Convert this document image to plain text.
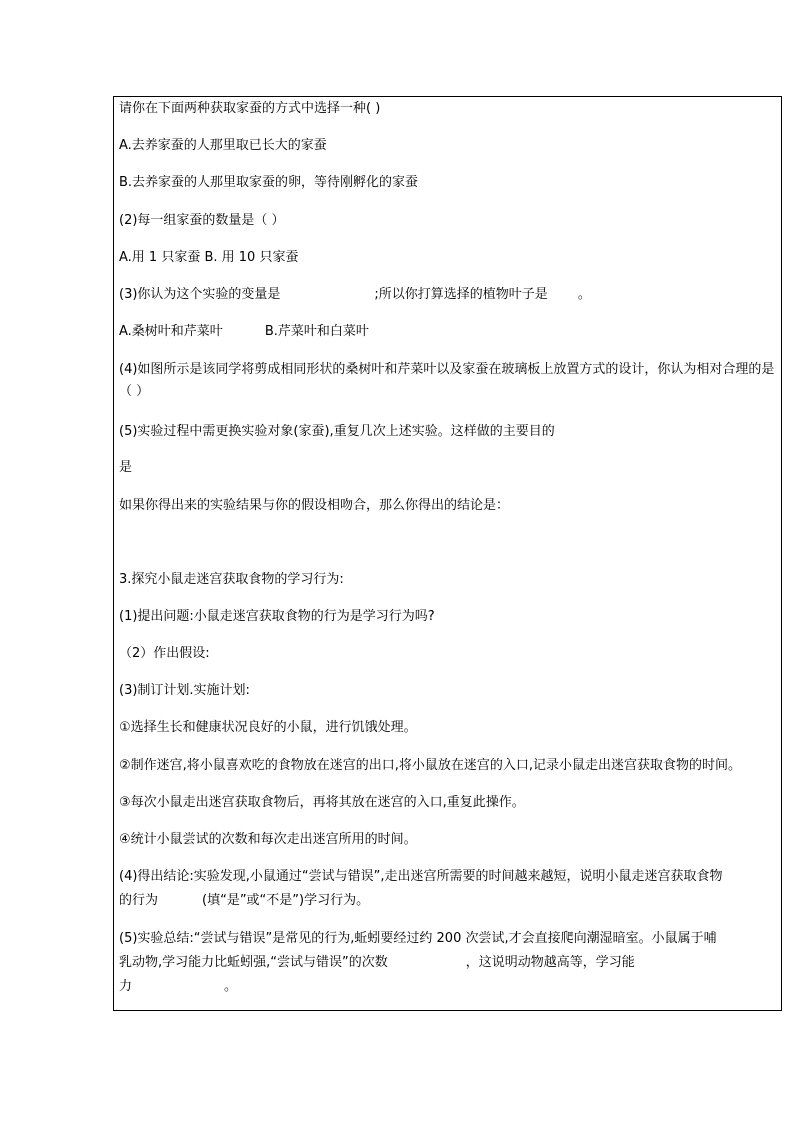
请你在下面两种获取家蚕的方式中选择一种( )
A.去养家蚕的人那里取已长大的家蚕
B.去养家蚕的人那里取家蚕的卵，等待刚孵化的家蚕
(2)每一组家蚕的数量是（ ）
A.用 1 只家蚕 B. 用 10 只家蚕
(3)你认为这个实验的变量是	;所以你打算选择的植物叶子是 。
A.桑树叶和芹菜叶	B.芹菜叶和白菜叶
(4)如图所示是该同学将剪成相同形状的桑树叶和芹菜叶以及家蚕在玻璃板上放置方式的设计，你认为相对合理的是（ ）
(5)实验过程中需更换实验对象(家蚕),重复几次上述实验。这样做的主要目的
是
如果你得出来的实验结果与你的假设相吻合，那么你得出的结论是：
3.探究小鼠走迷宫获取食物的学习行为:
(1)提出问题:小鼠走迷宫获取食物的行为是学习行为吗?
（2）作出假设:
(3)制订计划.实施计划:
①选择生长和健康状况良好的小鼠，进行饥饿处理。
②制作迷宫,将小鼠喜欢吃的食物放在迷宫的出口,将小鼠放在迷宫的入口,记录小鼠走出迷宫获取食物的时间。
③每次小鼠走出迷宫获取食物后，再将其放在迷宫的入口,重复此操作。
④统计小鼠尝试的次数和每次走出迷宫所用的时间。
(4)得出结论:实验发现,小鼠通过“尝试与错误”,走出迷宫所需要的时间越来越短，说明小鼠走迷宫获取食物
的行为	(填“是”或“不是”)学习行为。
(5)实验总结:“尝试与错误”是常见的行为,蚯蚓要经过约 200 次尝试,才会直接爬向潮湿暗室。小鼠属于哺
乳动物,学习能力比蚯蚓强,“尝试与错误”的次数	，这说明动物越高等，学习能
力	。
